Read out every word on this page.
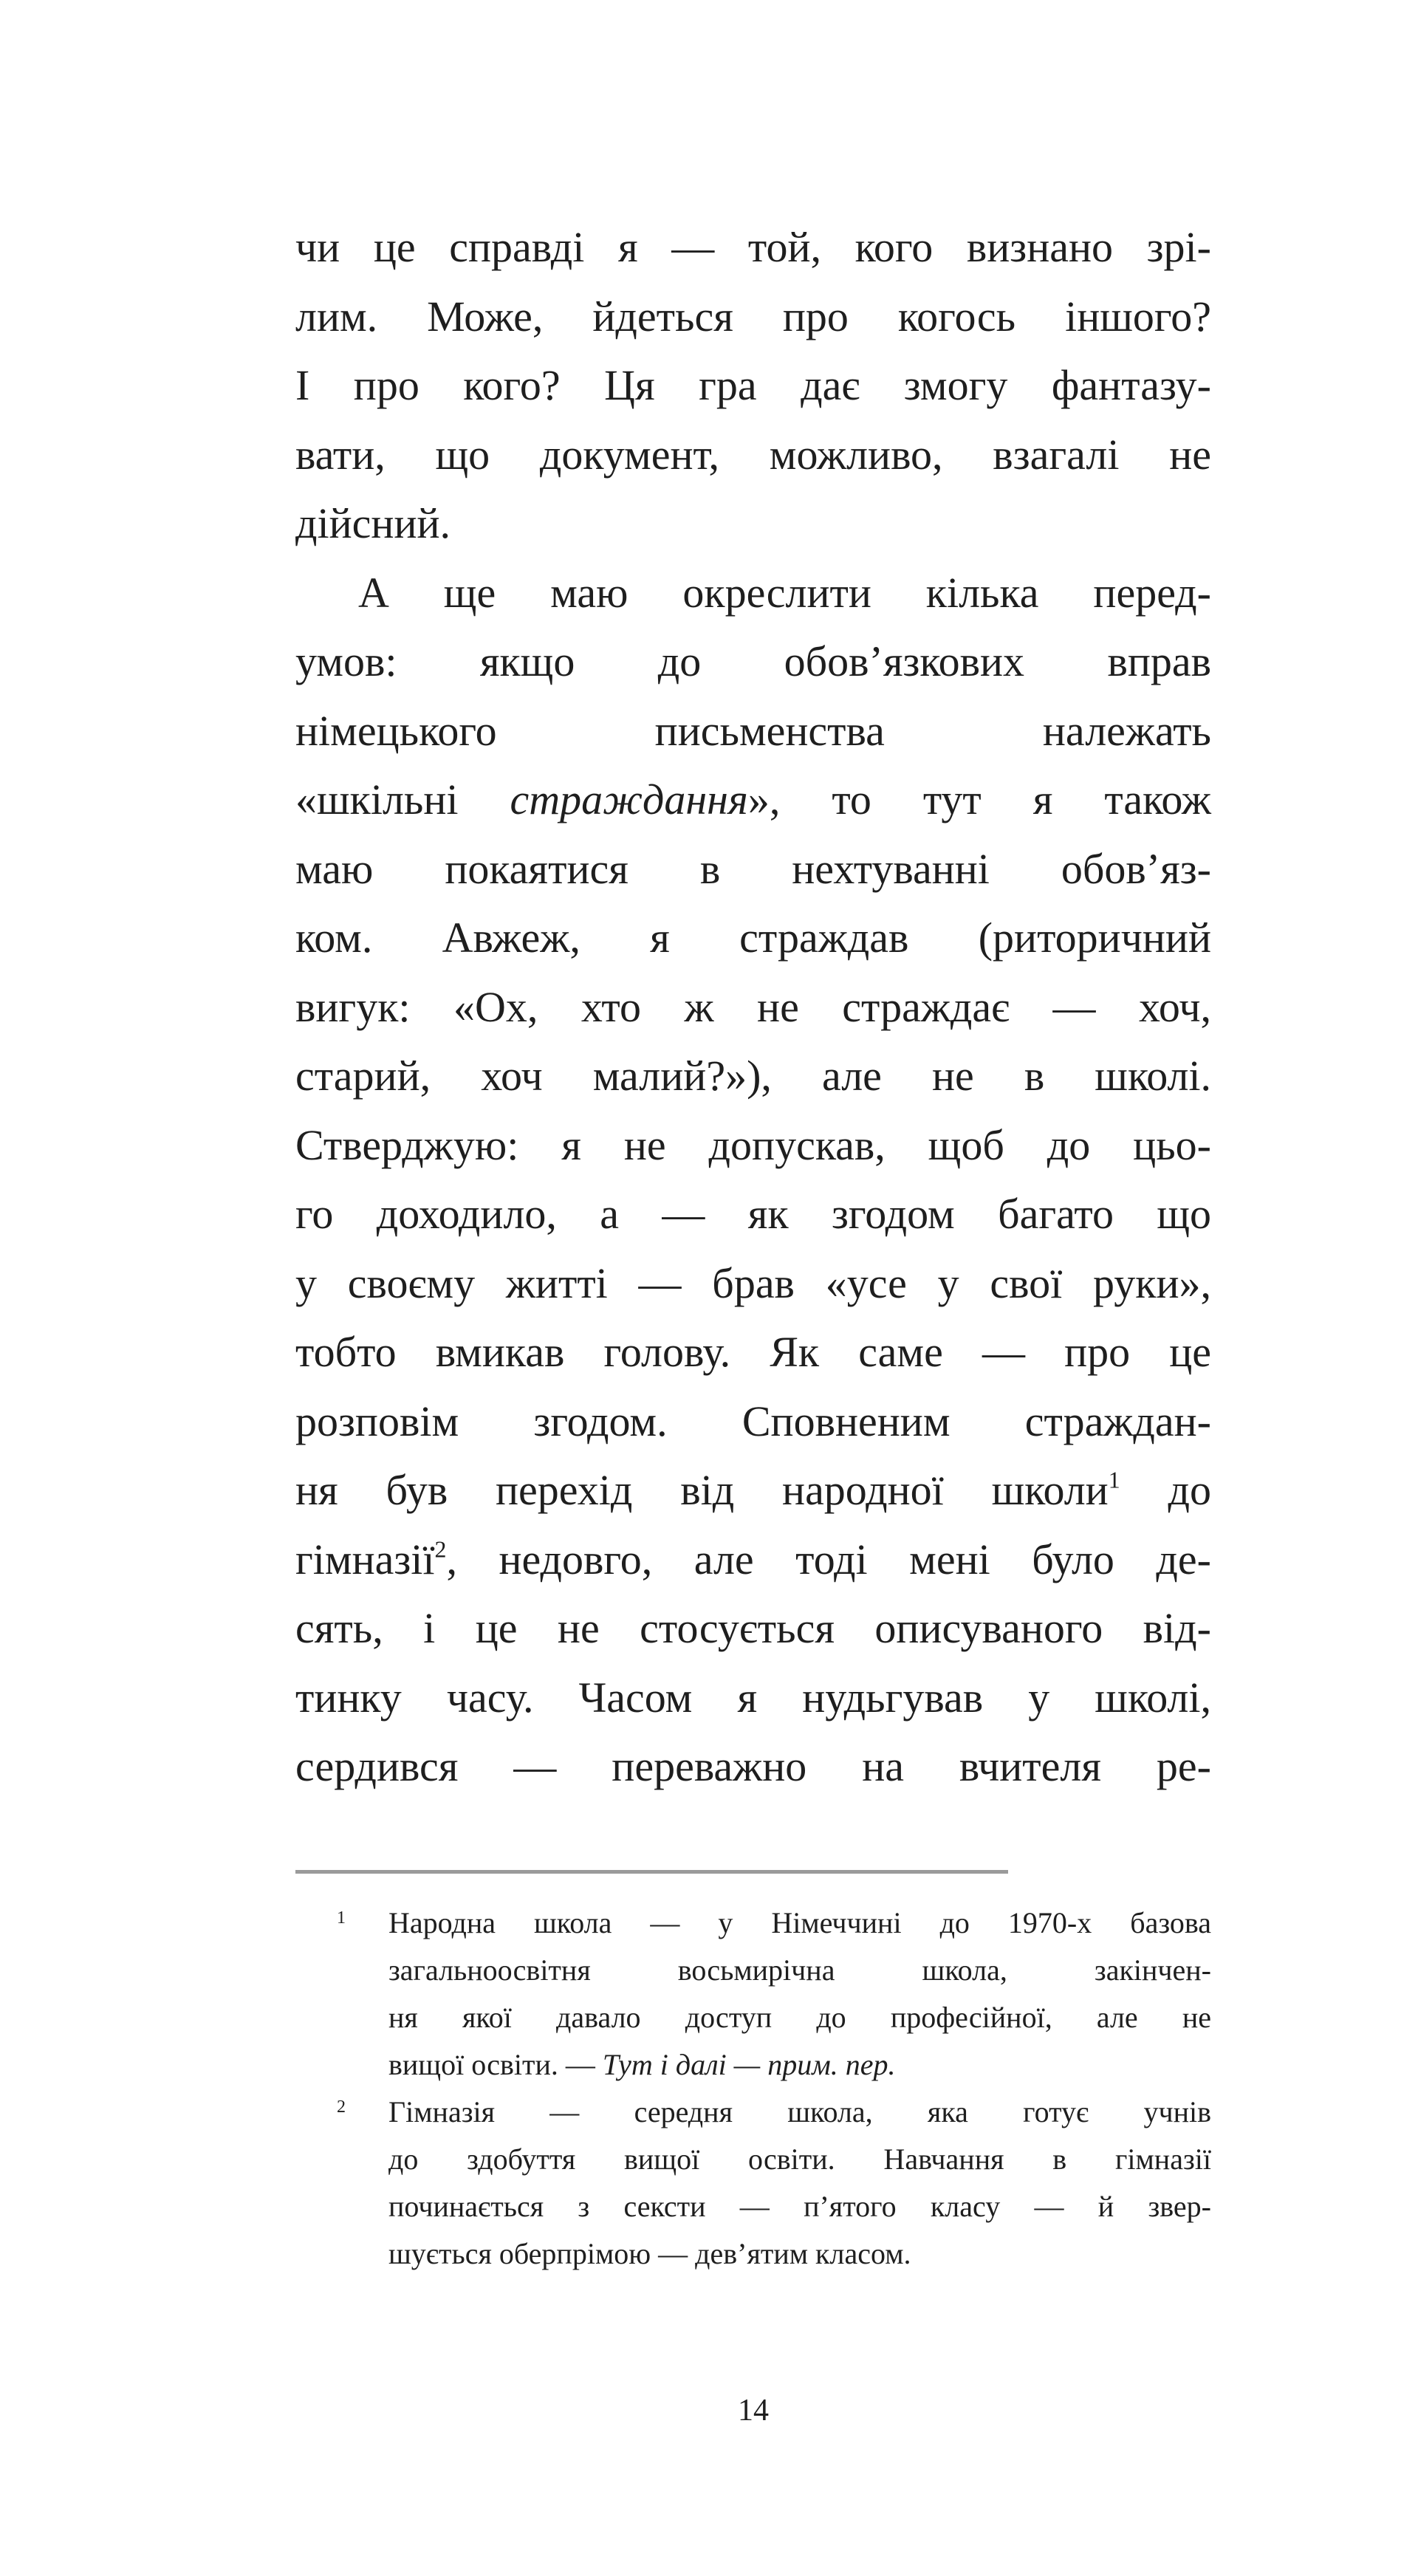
чи це справді я — той, кого визнано зрі-
лим. Може, йдеться про когось іншого?
І про кого? Ця гра дає змогу фантазу-
вати, що документ, можливо, взагалі не
дійсний.
А ще маю окреслити кілька перед-
умов: якщо до обов’язкових вправ
німецького письменства належать
«шкільні страждання», то тут я також
маю покаятися в нехтуванні обов’яз-
ком. Авжеж, я страждав (риторичний
вигук: «Ох, хто ж не страждає — хоч,
старий, хоч малий?»), але не в школі.
Стверджую: я не допускав, щоб до цьо-
го доходило, а — як згодом багато що
у своєму житті — брав «усе у свої руки»,
тобто вмикав голову. Як саме — про це
розповім згодом. Сповненим страждан-
ня був перехід від народної школи$^1$ до
гімназії$^2$, недовго, але тоді мені було де-
сять, і це не стосується описуваного від-
тинку часу. Часом я нудьгував у школі,
сердився — переважно на вчителя ре-
1 Народна школа — у Німеччині до 1970-х базова
загальноосвітня восьмирічна школа, закінчен-
ня якої давало доступ до професійної, але не
вищої освіти. — Тут і далі — прим. пер.
2 Гімназія — середня школа, яка готує учнів
до здобуття вищої освіти. Навчання в гімназії
починається з сексти — п’ятого класу — й звер-
шується оберпрімою — дев’ятим класом.
14
